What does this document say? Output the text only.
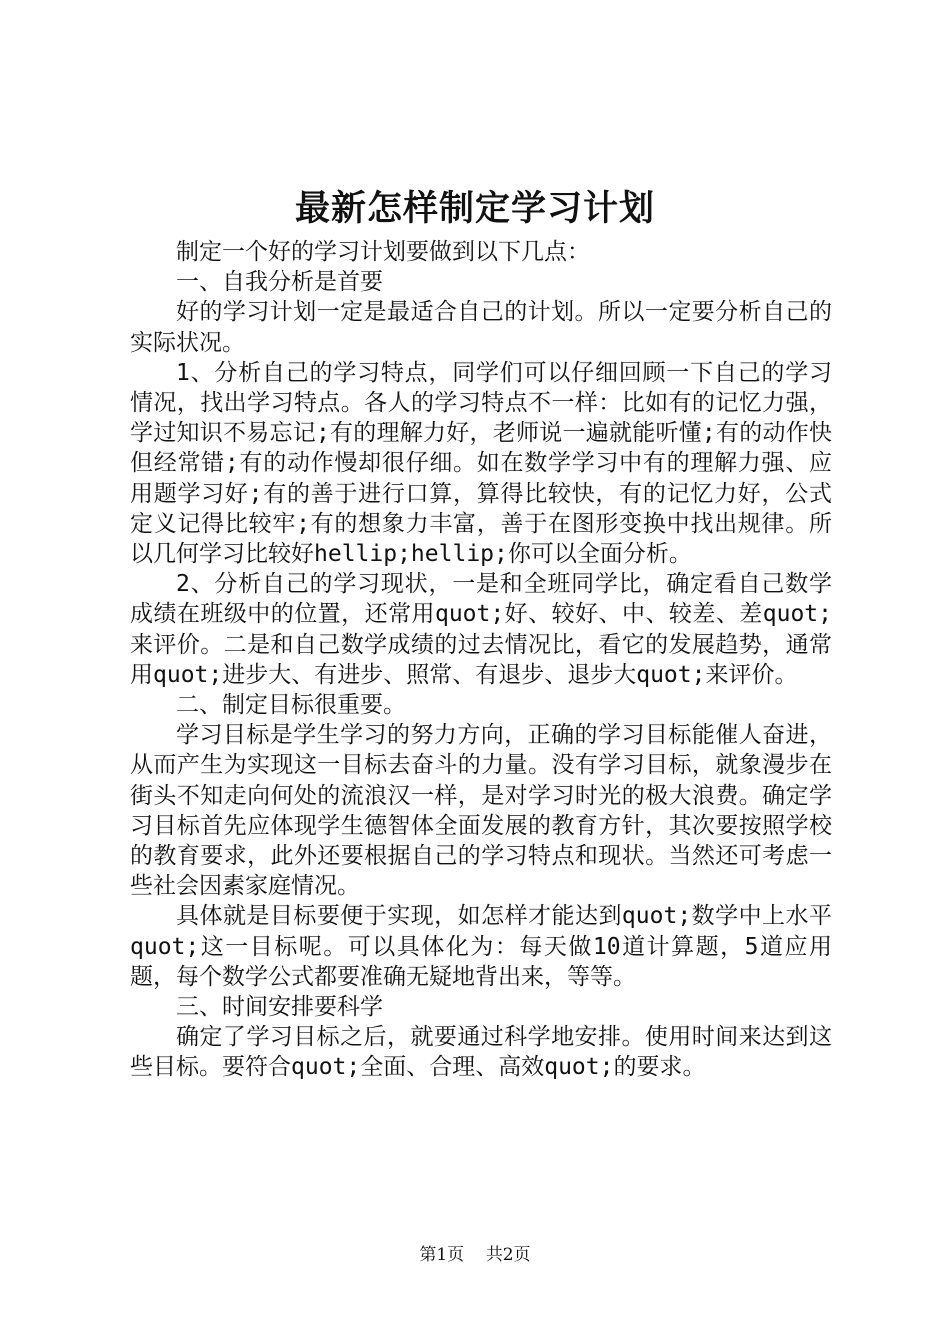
最新怎样制定学习计划

制定一个好的学习计划要做到以下几点：

一、自我分析是首要

好的学习计划一定是最适合自己的计划。所以一定要分析自己的实际状况。

1、分析自己的学习特点，同学们可以仔细回顾一下自己的学习情况，找出学习特点。各人的学习特点不一样：比如有的记忆力强，学过知识不易忘记;有的理解力好，老师说一遍就能听懂;有的动作快但经常错;有的动作慢却很仔细。如在数学学习中有的理解力强、应用题学习好;有的善于进行口算，算得比较快，有的记忆力好，公式定义记得比较牢;有的想象力丰富，善于在图形变换中找出规律。所以几何学习比较好hellip;hellip;你可以全面分析。

2、分析自己的学习现状，一是和全班同学比，确定看自己数学成绩在班级中的位置，还常用quot;好、较好、中、较差、差quot;来评价。二是和自己数学成绩的过去情况比，看它的发展趋势，通常用quot;进步大、有进步、照常、有退步、退步大quot;来评价。

二、制定目标很重要。

学习目标是学生学习的努力方向，正确的学习目标能催人奋进，从而产生为实现这一目标去奋斗的力量。没有学习目标，就象漫步在街头不知走向何处的流浪汉一样，是对学习时光的极大浪费。确定学习目标首先应体现学生德智体全面发展的教育方针，其次要按照学校的教育要求，此外还要根据自己的学习特点和现状。当然还可考虑一些社会因素家庭情况。

具体就是目标要便于实现，如怎样才能达到quot;数学中上水平quot;这一目标呢。可以具体化为：每天做10道计算题，5道应用题，每个数学公式都要准确无疑地背出来，等等。

三、时间安排要科学

确定了学习目标之后，就要通过科学地安排。使用时间来达到这些目标。要符合quot;全面、合理、高效quot;的要求。

第1页 共2页
